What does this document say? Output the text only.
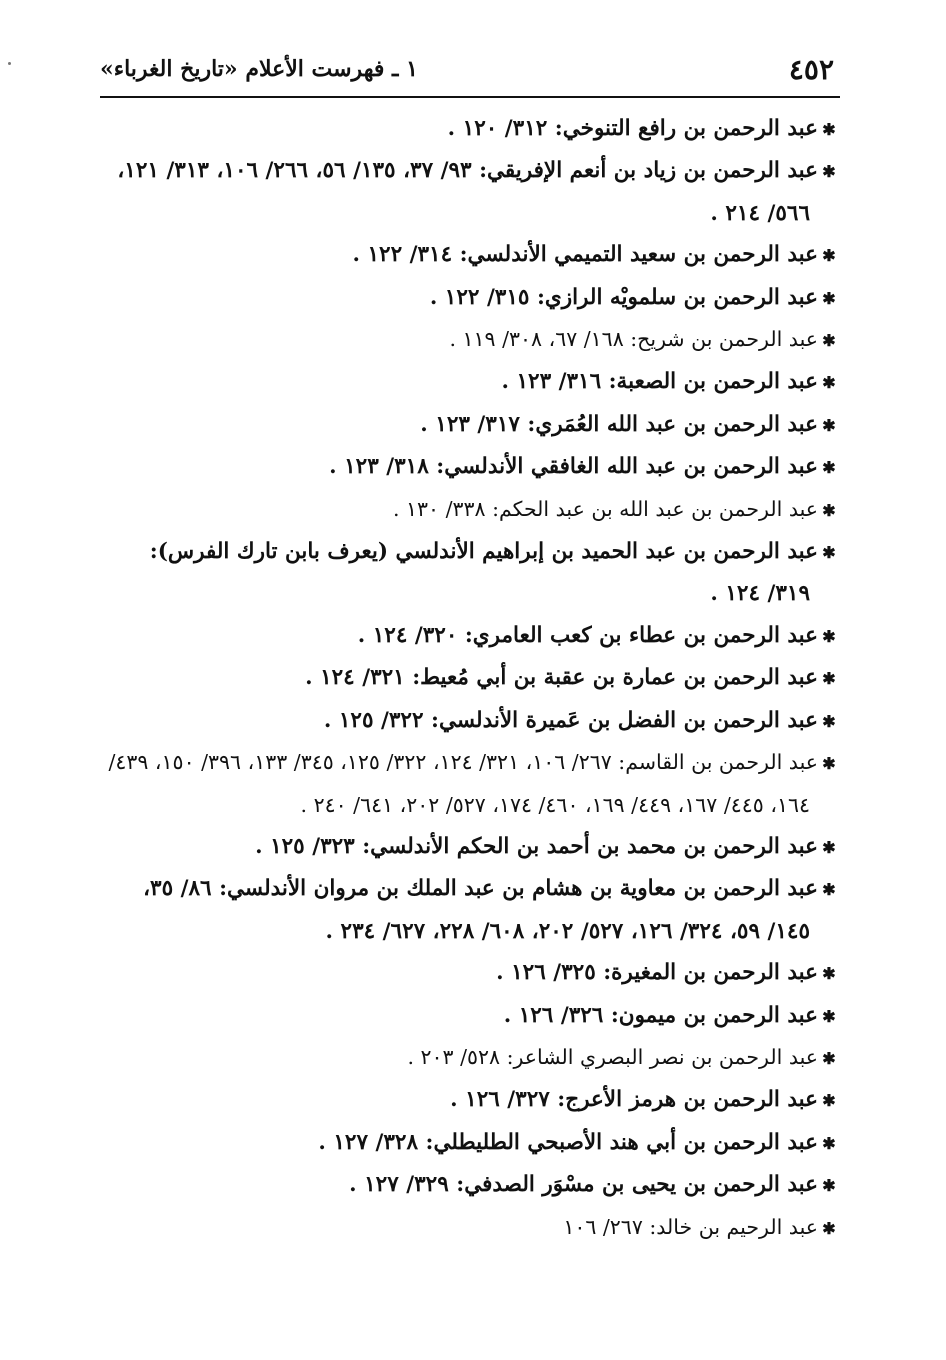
٤٥٢
١ ـ فهرست الأعلام «تاريخ الغرباء»

✱عبد الرحمن بن رافع التنوخي: ٣١٢/ ١٢٠ .

✱عبد الرحمن بن زياد بن أنعم الإفريقي: ٩٣/ ٣٧، ١٣٥/ ٥٦، ٢٦٦/ ١٠٦، ٣١٣/ ١٢١، ٥٦٦/ ٢١٤ .

✱عبد الرحمن بن سعيد التميمي الأندلسي: ٣١٤/ ١٢٢ .

✱عبد الرحمن بن سلمويْه الرازي: ٣١٥/ ١٢٢ .

✱عبد الرحمن بن شريح: ١٦٨/ ٦٧، ٣٠٨/ ١١٩ .

✱عبد الرحمن بن الصعبة: ٣١٦/ ١٢٣ .

✱عبد الرحمن بن عبد الله العُمَري: ٣١٧/ ١٢٣ .

✱عبد الرحمن بن عبد الله الغافقي الأندلسي: ٣١٨/ ١٢٣ .

✱عبد الرحمن بن عبد الله بن عبد الحكم: ٣٣٨/ ١٣٠ .

✱عبد الرحمن بن عبد الحميد بن إبراهيم الأندلسي (يعرف بابن تارك الفرس): ٣١٩/ ١٢٤ .

✱عبد الرحمن بن عطاء بن كعب العامري: ٣٢٠/ ١٢٤ .

✱عبد الرحمن بن عمارة بن عقبة بن أبي مُعيط: ٣٢١/ ١٢٤ .

✱عبد الرحمن بن الفضل بن عَميرة الأندلسي: ٣٢٢/ ١٢٥ .

✱عبد الرحمن بن القاسم: ٢٦٧/ ١٠٦، ٣٢١/ ١٢٤، ٣٢٢/ ١٢٥، ٣٤٥/ ١٣٣، ٣٩٦/ ١٥٠، ٤٣٩/ ١٦٤، ٤٤٥/ ١٦٧، ٤٤٩/ ١٦٩، ٤٦٠/ ١٧٤، ٥٢٧/ ٢٠٢، ٦٤١/ ٢٤٠ .

✱عبد الرحمن بن محمد بن أحمد بن الحكم الأندلسي: ٣٢٣/ ١٢٥ .

✱عبد الرحمن بن معاوية بن هشام بن عبد الملك بن مروان الأندلسي: ٨٦/ ٣٥، ١٤٥/ ٥٩، ٣٢٤/ ١٢٦، ٥٢٧/ ٢٠٢، ٦٠٨/ ٢٢٨، ٦٢٧/ ٢٣٤ .

✱عبد الرحمن بن المغيرة: ٣٢٥/ ١٢٦ .

✱عبد الرحمن بن ميمون: ٣٢٦/ ١٢٦ .

✱عبد الرحمن بن نصر البصري الشاعر: ٥٢٨/ ٢٠٣ .

✱عبد الرحمن بن هرمز الأعرج: ٣٢٧/ ١٢٦ .

✱عبد الرحمن بن أبي هند الأصبحي الطليطلي: ٣٢٨/ ١٢٧ .

✱عبد الرحمن بن يحيى بن مسْوَر الصدفي: ٣٢٩/ ١٢٧ .

✱عبد الرحيم بن خالد: ٢٦٧/ ١٠٦
